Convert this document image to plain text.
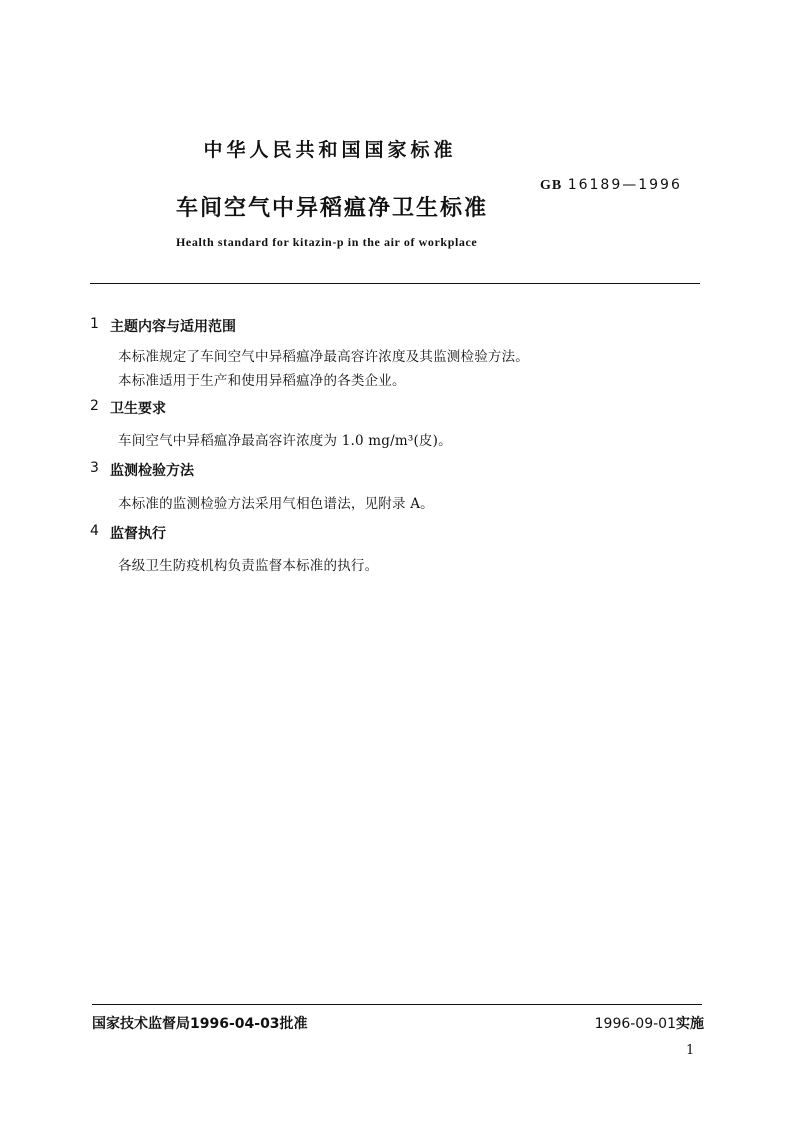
中华人民共和国国家标准
GB 16189—1996
车间空气中异稻瘟净卫生标准
Health standard for kitazin-p in the air of workplace
1 主题内容与适用范围
本标准规定了车间空气中异稻瘟净最高容许浓度及其监测检验方法。
本标准适用于生产和使用异稻瘟净的各类企业。
2 卫生要求
车间空气中异稻瘟净最高容许浓度为 1.0 mg/m³(皮)。
3 监测检验方法
本标准的监测检验方法采用气相色谱法，见附录 A。
4 监督执行
各级卫生防疫机构负责监督本标准的执行。
国家技术监督局1996-04-03批准	1996-09-01实施
1
